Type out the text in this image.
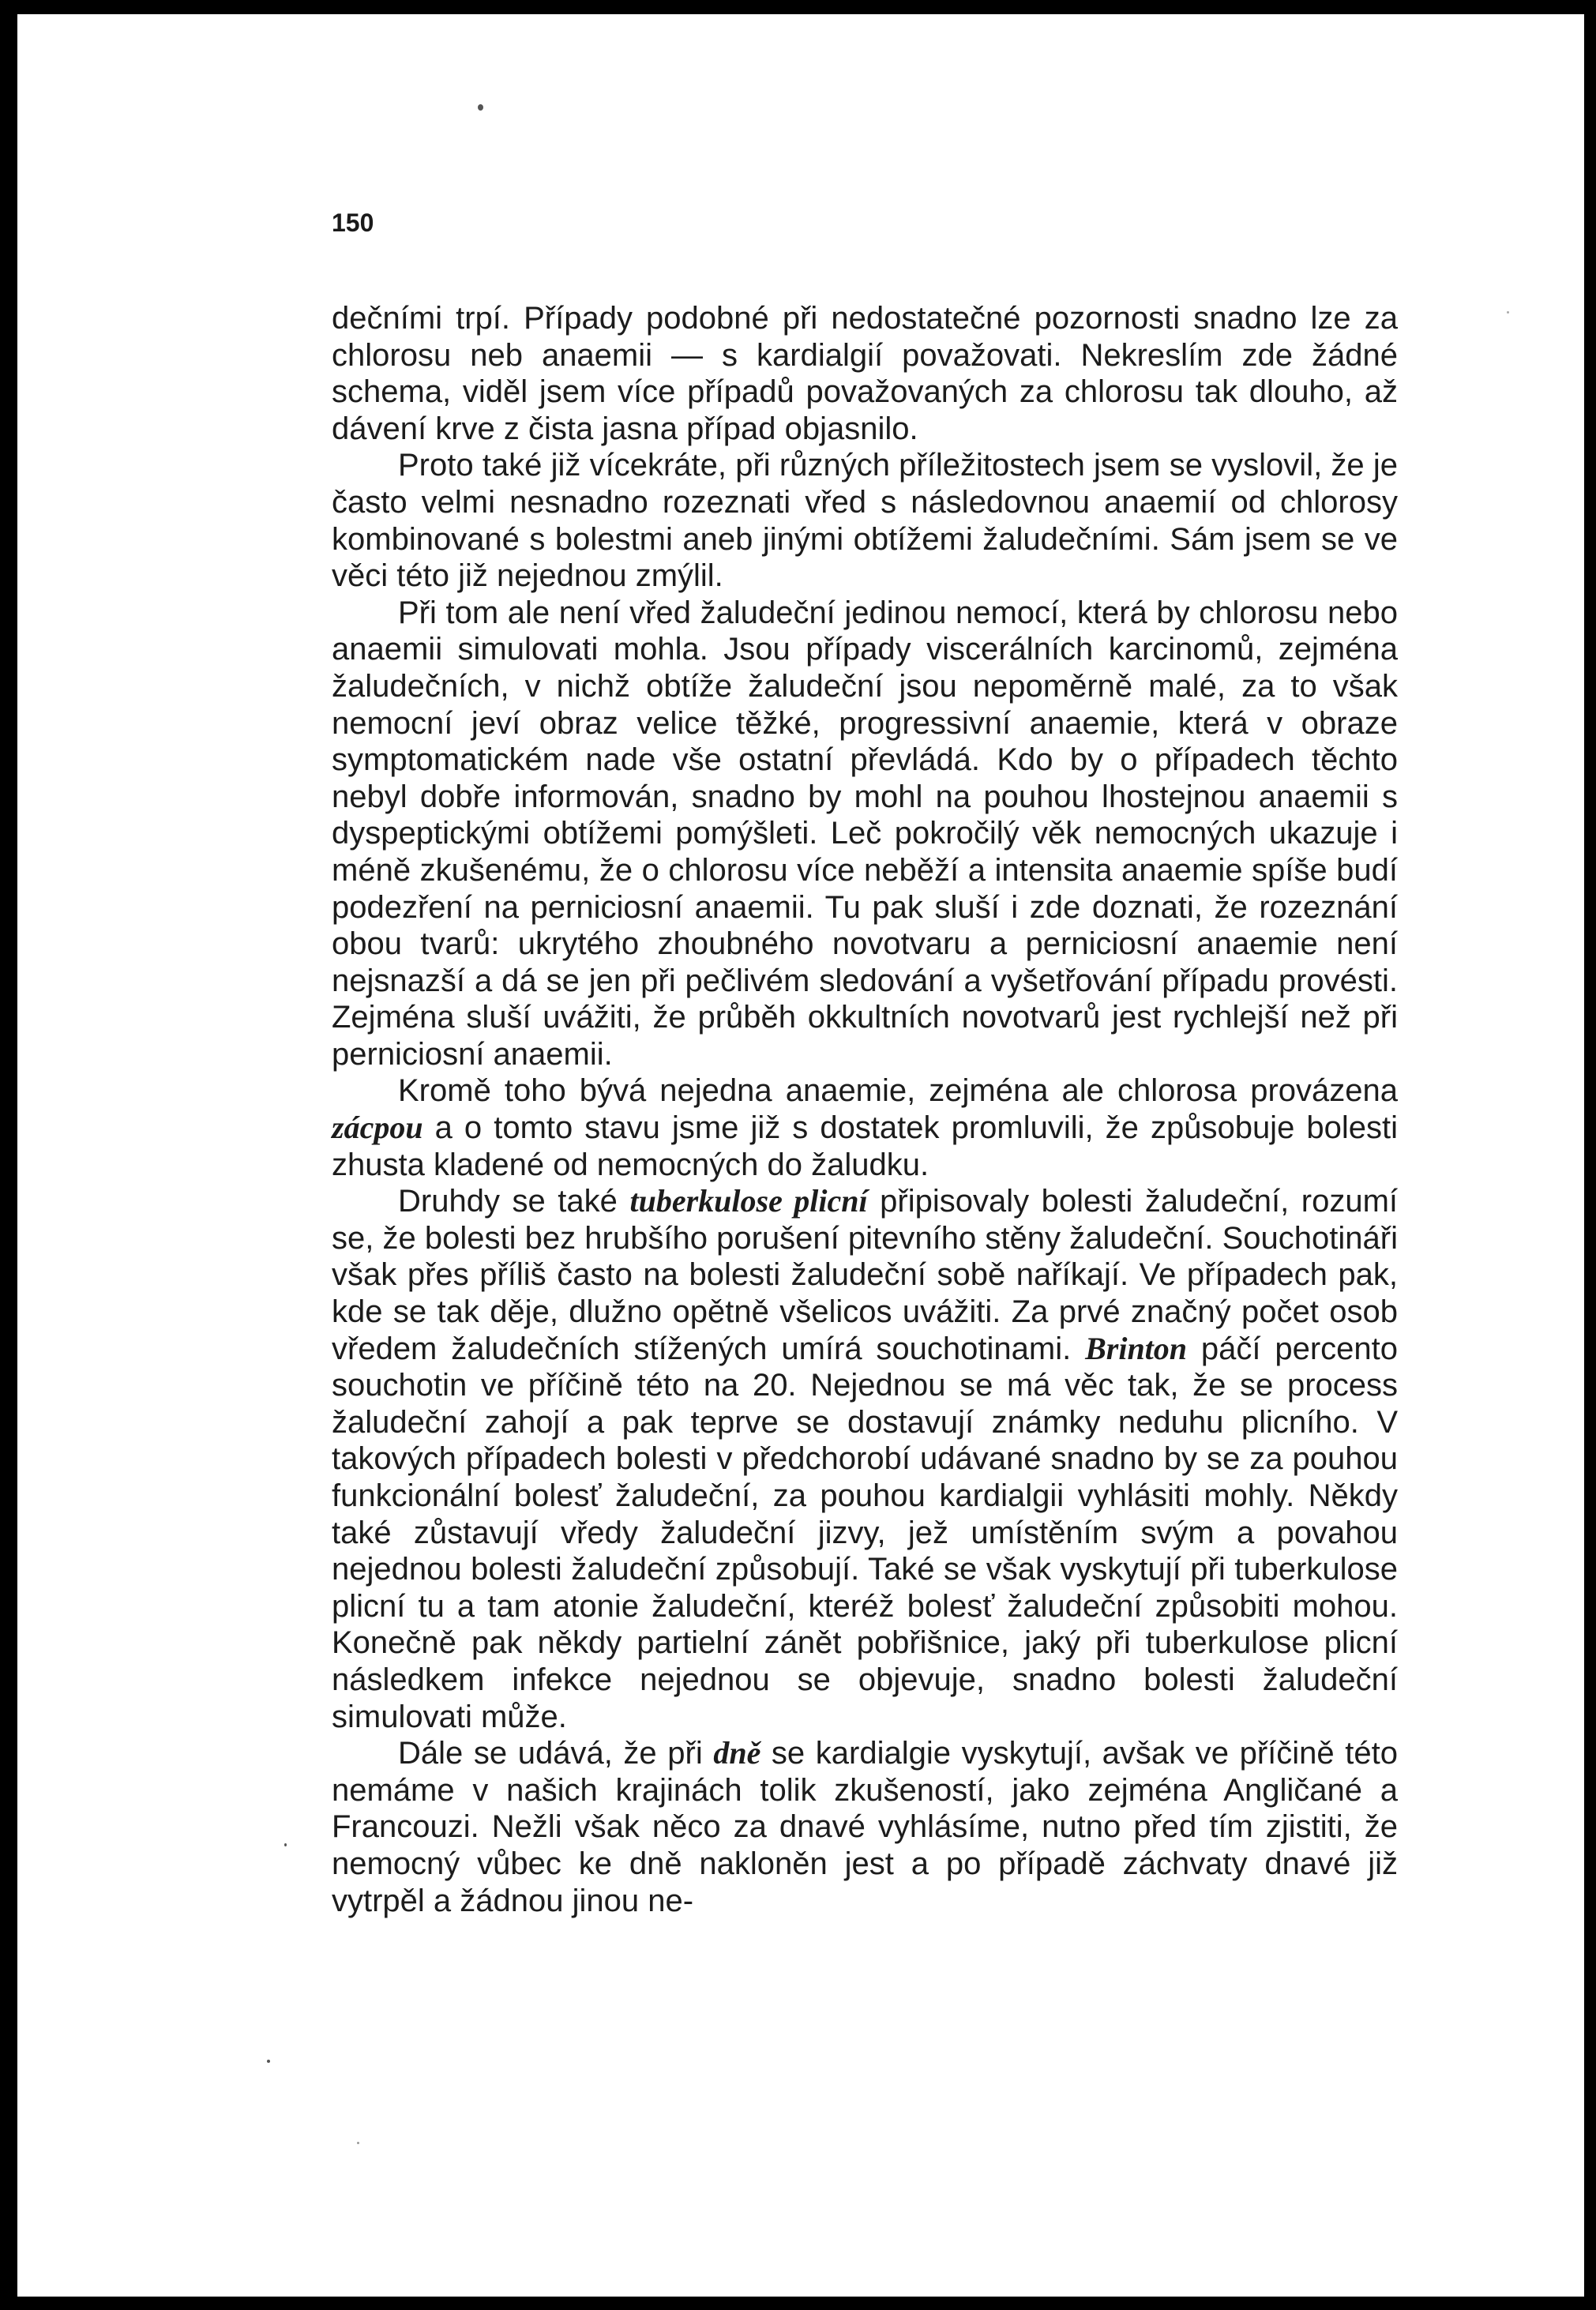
150

dečními trpí. Případy podobné při nedostatečné pozornosti snadno lze za chlorosu neb anaemii — s kardialgií považovati. Nekreslím zde žádné schema, viděl jsem více případů považovaných za chlorosu tak dlouho, až dávení krve z čista jasna případ objasnilo.

Proto také již vícekráte, při různých příležitostech jsem se vyslovil, že je často velmi nesnadno rozeznati vřed s následovnou anaemií od chlorosy kombinované s bolestmi aneb jinými obtížemi žaludečními. Sám jsem se ve věci této již nejednou zmýlil.

Při tom ale není vřed žaludeční jedinou nemocí, která by chlorosu nebo anaemii simulovati mohla. Jsou případy viscerálních karcinomů, zejména žaludečních, v nichž obtíže žaludeční jsou nepoměrně malé, za to však nemocní jeví obraz velice těžké, progressivní anaemie, která v obraze symptomatickém nade vše ostatní převládá. Kdo by o případech těchto nebyl dobře informován, snadno by mohl na pouhou lhostejnou anaemii s dyspeptickými obtížemi pomýšleti. Leč pokročilý věk nemocných ukazuje i méně zkušenému, že o chlorosu více neběží a intensita anaemie spíše budí podezření na perniciosní anaemii. Tu pak sluší i zde doznati, že rozeznání obou tvarů: ukrytého zhoubného novotvaru a perniciosní anaemie není nejsnazší a dá se jen při pečlivém sledování a vyšetřování případu provésti. Zejména sluší uvážiti, že průběh okkultních novotvarů jest rychlejší než při perniciosní anaemii.

Kromě toho bývá nejedna anaemie, zejména ale chlorosa provázena zácpou a o tomto stavu jsme již s dostatek promluvili, že způsobuje bolesti zhusta kladené od nemocných do žaludku.

Druhdy se také tuberkulose plicní připisovaly bolesti žaludeční, rozumí se, že bolesti bez hrubšího porušení pitevního stěny žaludeční. Souchotináři však přes příliš často na bolesti žaludeční sobě naříkají. Ve případech pak, kde se tak děje, dlužno opětně všelicos uvážiti. Za prvé značný počet osob vředem žaludečních stížených umírá souchotinami. Brinton páčí percento souchotin ve příčině této na 20. Nejednou se má věc tak, že se process žaludeční zahojí a pak teprve se dostavují známky neduhu plicního. V takových případech bolesti v předchorobí udávané snadno by se za pouhou funkcionální bolesť žaludeční, za pouhou kardialgii vyhlásiti mohly. Někdy také zůstavují vředy žaludeční jizvy, jež umístěním svým a povahou nejednou bolesti žaludeční způsobují. Také se však vyskytují při tuberkulose plicní tu a tam atonie žaludeční, kteréž bolesť žaludeční způsobiti mohou. Konečně pak někdy partielní zánět pobřišnice, jaký při tuberkulose plicní následkem infekce nejednou se objevuje, snadno bolesti žaludeční simulovati může.

Dále se udává, že při dně se kardialgie vyskytují, avšak ve příčině této nemáme v našich krajinách tolik zkušeností, jako zejména Angličané a Francouzi. Nežli však něco za dnavé vyhlásíme, nutno před tím zjistiti, že nemocný vůbec ke dně nakloněn jest a po případě záchvaty dnavé již vytrpěl a žádnou jinou ne-
